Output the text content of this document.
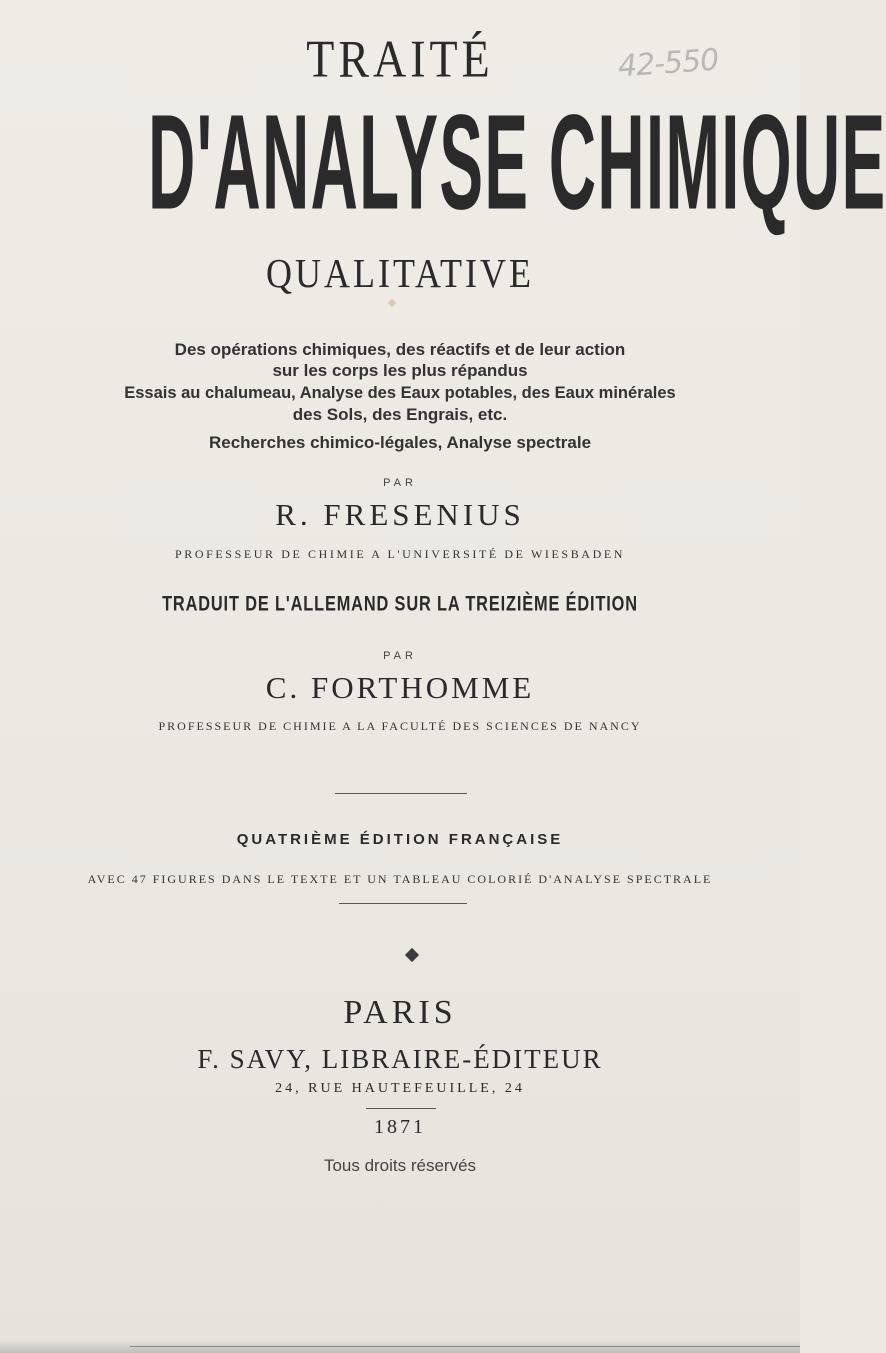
42-550
TRAITÉ
D'ANALYSE CHIMIQUE
QUALITATIVE
Des opérations chimiques, des réactifs et de leur action
sur les corps les plus répandus
Essais au chalumeau, Analyse des Eaux potables, des Eaux minérales
des Sols, des Engrais, etc.
Recherches chimico-légales, Analyse spectrale
PAR
R. FRESENIUS
PROFESSEUR DE CHIMIE A L'UNIVERSITÉ DE WIESBADEN
TRADUIT DE L'ALLEMAND SUR LA TREIZIÈME ÉDITION
PAR
C. FORTHOMME
PROFESSEUR DE CHIMIE A LA FACULTÉ DES SCIENCES DE NANCY
QUATRIÈME ÉDITION FRANÇAISE
AVEC 47 FIGURES DANS LE TEXTE ET UN TABLEAU COLORIÉ D'ANALYSE SPECTRALE
PARIS
F. SAVY, LIBRAIRE-ÉDITEUR
24, RUE HAUTEFEUILLE, 24
1871
Tous droits réservés
